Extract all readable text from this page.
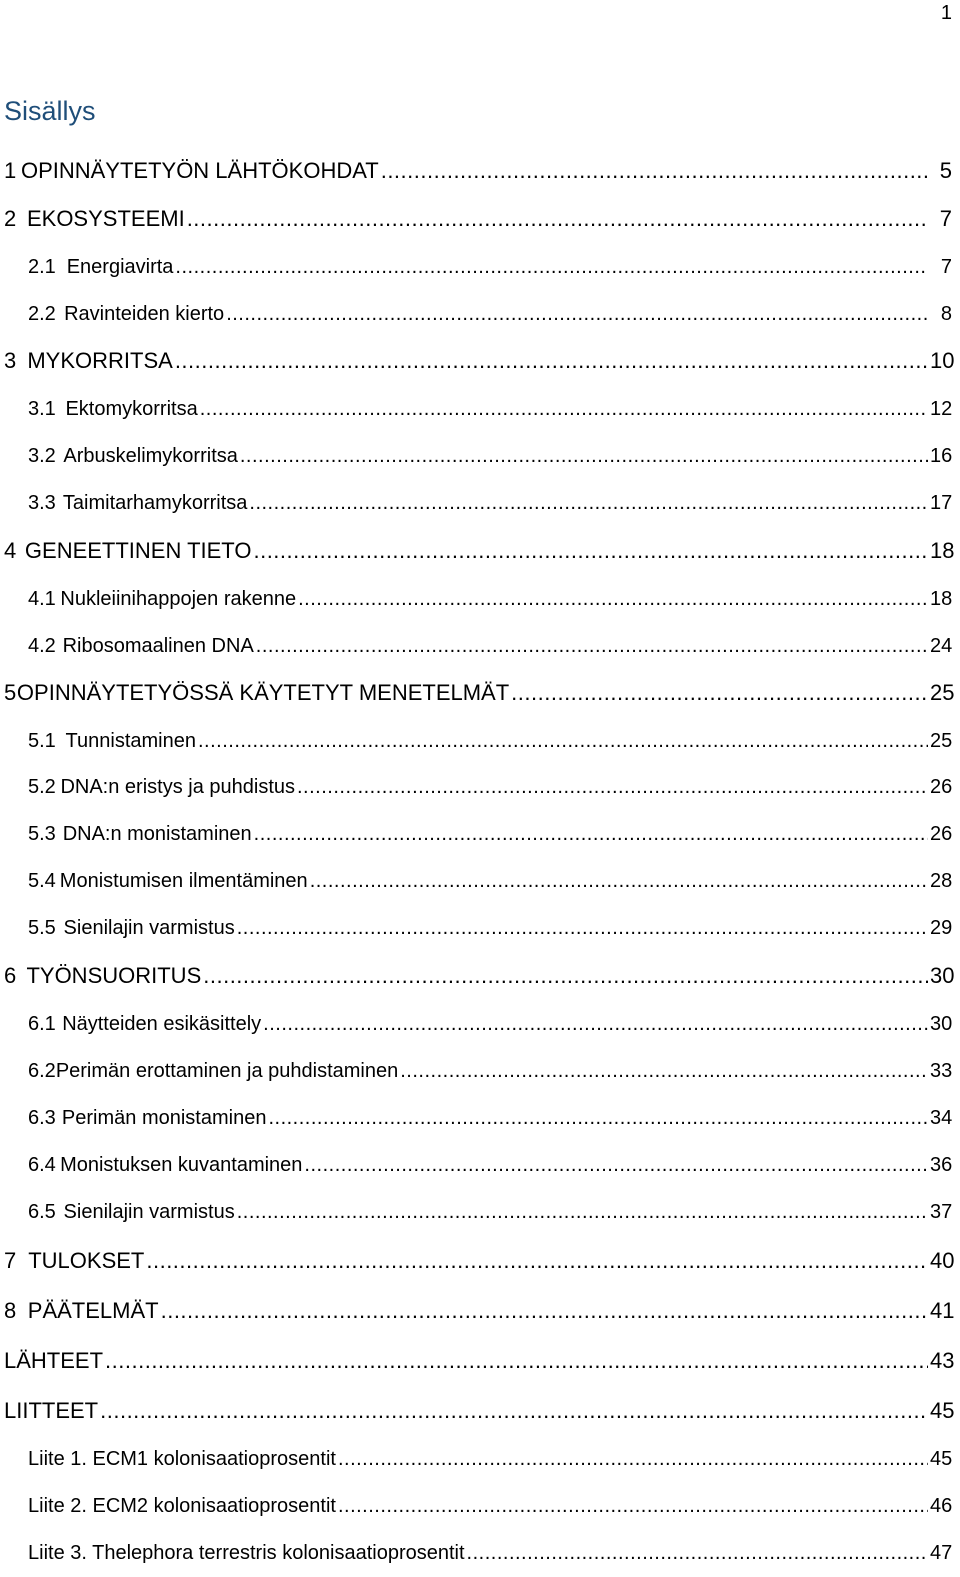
1
Sisällys
1 OPINNÄYTETYÖN LÄHTÖKOHDAT .....	5
2 EKOSYSTEEMI .....	7
2.1 Energiavirta .....	7
2.2 Ravinteiden kierto .....	8
3 MYKORRITSA .....	10
3.1 Ektomykorritsa .....	12
3.2 Arbuskelimykorritsa .....	16
3.3 Taimitarhamykorritsa .....	17
4 GENEETTINEN TIETO .....	18
4.1 Nukleiinihappojen rakenne .....	18
4.2 Ribosomaalinen DNA .....	24
5 OPINNÄYTETYÖSSÄ KÄYTETYT MENETELMÄT .....	25
5.1 Tunnistaminen .....	25
5.2 DNA:n eristys ja puhdistus .....	26
5.3 DNA:n monistaminen .....	26
5.4 Monistumisen ilmentäminen .....	28
5.5 Sienilajin varmistus .....	29
6 TYÖNSUORITUS .....	30
6.1 Näytteiden esikäsittely .....	30
6.2 Perimän erottaminen ja puhdistaminen .....	33
6.3 Perimän monistaminen .....	34
6.4 Monistuksen kuvantaminen .....	36
6.5 Sienilajin varmistus .....	37
7 TULOKSET .....	40
8 PÄÄTELMÄT .....	41
LÄHTEET .....	43
LIITTEET .....	45
Liite 1. ECM1 kolonisaatioprosentit .....	45
Liite 2. ECM2 kolonisaatioprosentit .....	46
Liite 3. Thelephora terrestris kolonisaatioprosentit .....	47
